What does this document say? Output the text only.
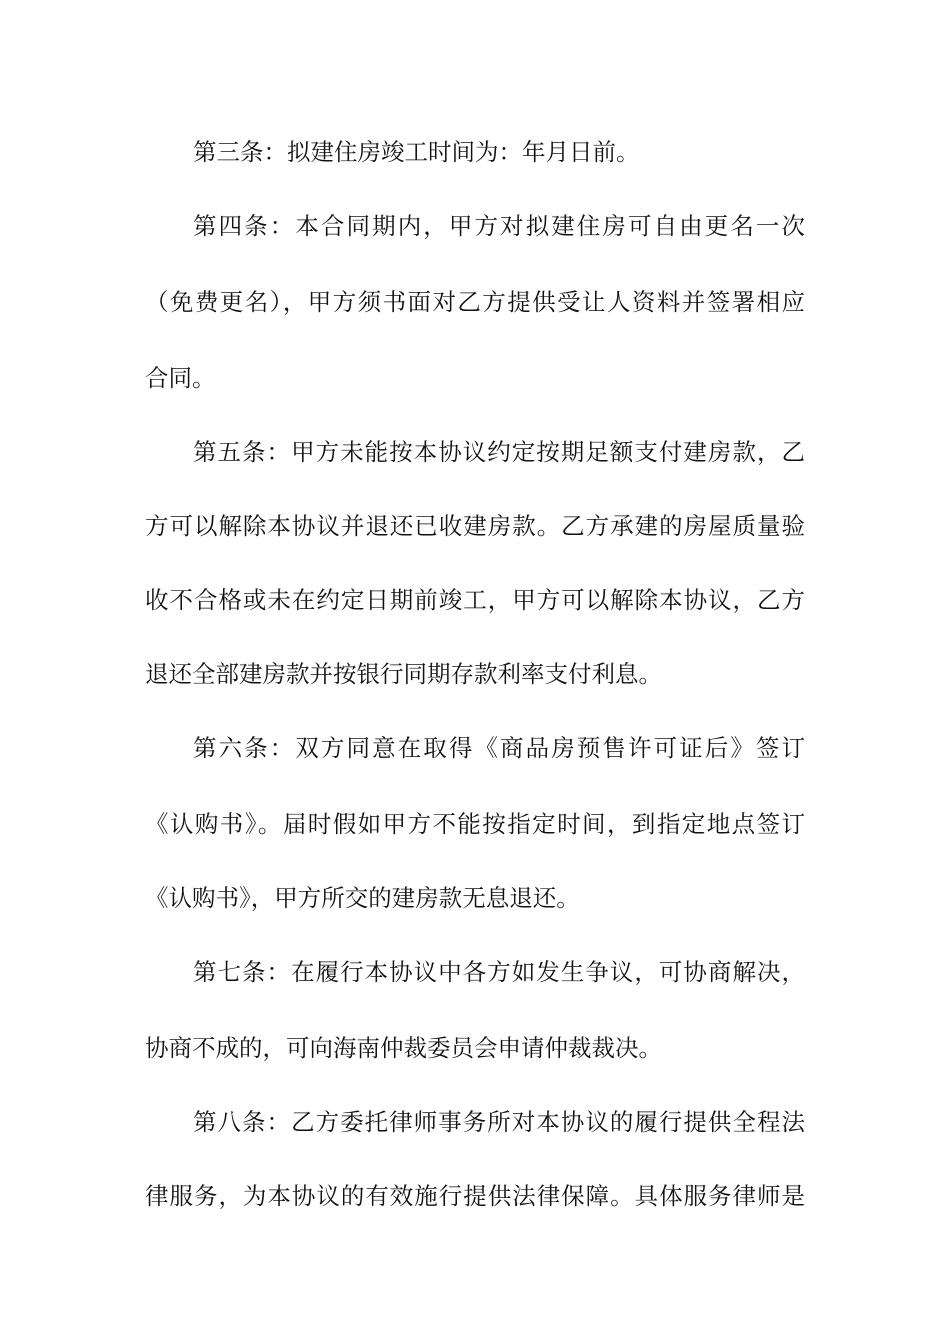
第三条：拟建住房竣工时间为：年月日前。
第四条：本合同期内，甲方对拟建住房可自由更名一次
（免费更名），甲方须书面对乙方提供受让人资料并签署相应
合同。
第五条：甲方未能按本协议约定按期足额支付建房款，乙
方可以解除本协议并退还已收建房款。乙方承建的房屋质量验
收不合格或未在约定日期前竣工，甲方可以解除本协议，乙方
退还全部建房款并按银行同期存款利率支付利息。
第六条：双方同意在取得《商品房预售许可证后》签订
《认购书》。届时假如甲方不能按指定时间，到指定地点签订
《认购书》，甲方所交的建房款无息退还。
第七条：在履行本协议中各方如发生争议，可协商解决，
协商不成的，可向海南仲裁委员会申请仲裁裁决。
第八条：乙方委托律师事务所对本协议的履行提供全程法
律服务，为本协议的有效施行提供法律保障。具体服务律师是
